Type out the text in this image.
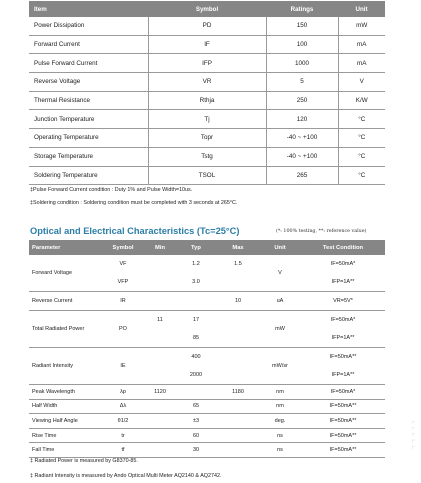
Item	Symbol	Ratings	Unit
Power Dissipation	PD	150	mW
Forward Current	IF	100	mA
Pulse Forward Current	IFP	1000	mA
Reverse Voltage	VR	5	V
Thermal Resistance	Rthja	250	K/W
Junction Temperature	Tj	120	°C
Operating Temperature	Topr	-40 ~ +100	°C
Storage Temperature	Tstg	-40 ~ +100	°C
Soldering Temperature	TSOL	265	°C
‡Pulse Forward Current condition : Duty 1% and Pulse Width=10us.
‡Soldering condition : Soldering condition must be completed with 3 seconds at 265°C.
Optical and Electrical Characteristics (Tc=25°C)	(*: 100% testing, **: reference value)
Parameter	Symbol	Min	Typ	Max	Unit	Test Condition
Forward Voltage	VF		1.2	1.5	V	IF=50mA*
	VFP		3.0			IFP=1A**
Reverse Current	IR			10	uA	VR=5V*
Total Radiated Power	PO	11	17		mW	IF=50mA*
			85			IFP=1A**
Radiant Intensity	IE		400		mW/sr	IF=50mA**
			2000			IFP=1A**
Peak Wavelength	λp	1120		1180	nm	IF=50mA*
Half Width	Δλ		65		nm	IF=50mA**
Viewing Half Angle	θ1/2		±3		deg.	IF=50mA**
Rise Time	tr		60		ns	IF=50mA**
Fall Time	tf		30		ns	IF=50mA**
‡ Radiated Power is measured by G8370-85.
‡ Radiant Intensity is measured by Ando Optical Multi Meter AQ2140 & AQ2742.
∟ ∟ ∟ ∟ ∟
